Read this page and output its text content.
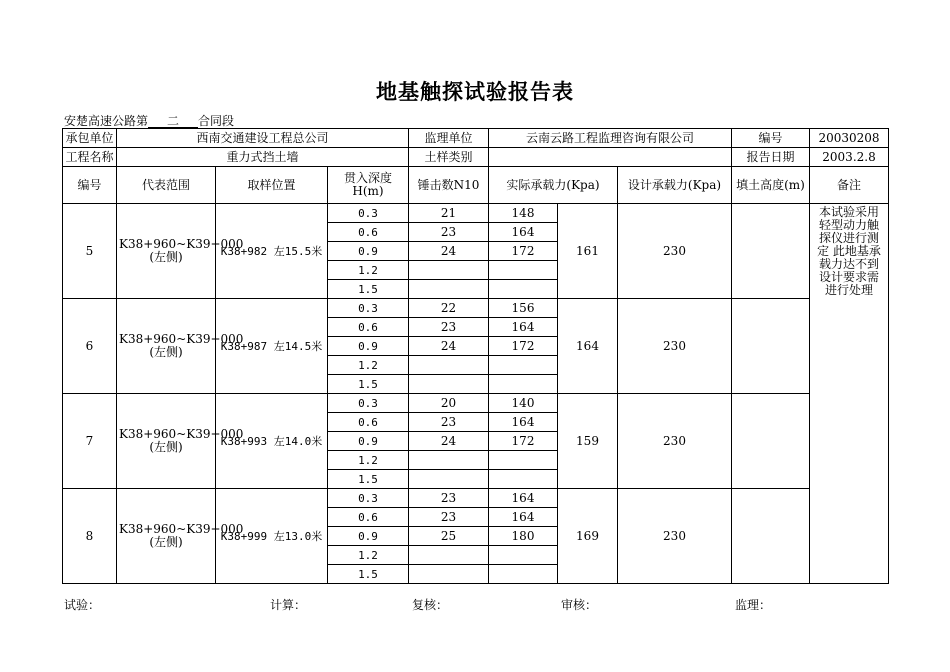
地基触探试验报告表
安楚高速公路第 二 合同段
承包单位	西南交通建设工程总公司			监理单位	云南云路工程监理咨询有限公司			编号	20030208
工程名称	重力式挡土墙			土样类别				报告日期	2003.2.8
编号	代表范围	取样位置	贯入深度H(m)	锤击数N10	实际承载力(Kpa)		设计承载力(Kpa)	填土高度(m)	备注
5	K38+960~K39+000 (左侧)	K38+982 左15.5米	0.3	21	148	161	230		本试验采用轻型动力触探仪进行测定 此地基承载力达不到设计要求需进行处理
			0.6	23	164				
			0.9	24	172				
			1.2						
			1.5						
6	K38+960~K39+000 (左侧)	K38+987 左14.5米	0.3	22	156	164	230		
			0.6	23	164				
			0.9	24	172				
			1.2						
			1.5						
7	K38+960~K39+000 (左侧)	K38+993 左14.0米	0.3	20	140	159	230		
			0.6	23	164				
			0.9	24	172				
			1.2						
			1.5						
8	K38+960~K39+000 (左侧)	K38+999 左13.0米	0.3	23	164	169	230		
			0.6	23	164				
			0.9	25	180				
			1.2						
			1.5						
试验：	计算：	复核：	审核：	监理：
